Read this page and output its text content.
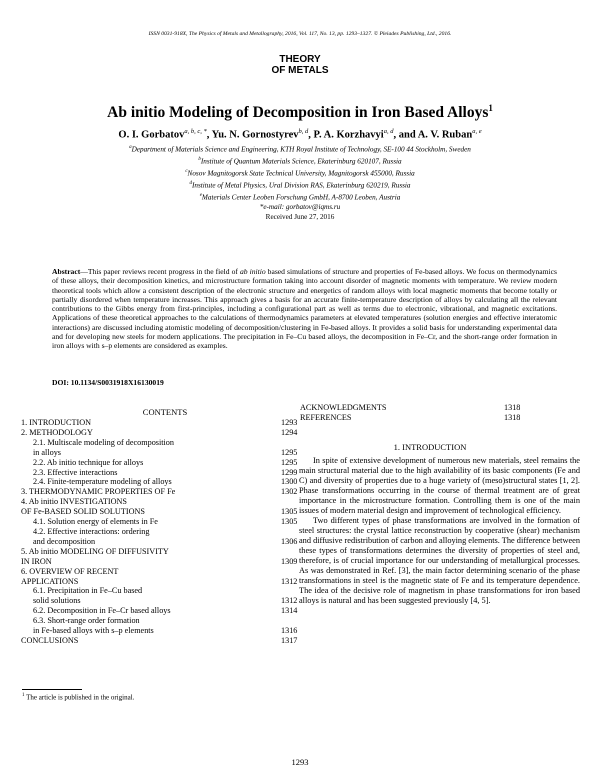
ISSN 0031-918X, The Physics of Metals and Metallography, 2016, Vol. 117, No. 13, pp. 1293–1327. © Pleiades Publishing, Ltd., 2016.
THEORY
OF METALS
Ab initio Modeling of Decomposition in Iron Based Alloys$^1$
O. I. Gorbatov$^{a, b, c, *}$, Yu. N. Gornostyrev$^{b, d}$, P. A. Korzhavyi$^{a, d}$, and A. V. Ruban$^{a, e}$
$^a$Department of Materials Science and Engineering, KTH Royal Institute of Technology, SE-100 44 Stockholm, Sweden
$^b$Institute of Quantum Materials Science, Ekaterinburg 620107, Russia
$^c$Nosov Magnitogorsk State Technical University, Magnitogorsk 455000, Russia
$^d$Institute of Metal Physics, Ural Division RAS, Ekaterinburg 620219, Russia
$^e$Materials Center Leoben Forschung GmbH, A-8700 Leoben, Austria
*e-mail: gorbatov@iqms.ru
Received June 27, 2016
Abstract—This paper reviews recent progress in the field of ab initio based simulations of structure and properties of Fe-based alloys. We focus on thermodynamics of these alloys, their decomposition kinetics, and microstructure formation taking into account disorder of magnetic moments with temperature. We review modern theoretical tools which allow a consistent description of the electronic structure and energetics of random alloys with local magnetic moments that become totally or partially disordered when temperature increases. This approach gives a basis for an accurate finite-temperature description of alloys by calculating all the relevant contributions to the Gibbs energy from first-principles, including a configurational part as well as terms due to electronic, vibrational, and magnetic excitations. Applications of these theoretical approaches to the calculations of thermodynamics parameters at elevated temperatures (solution energies and effective interatomic interactions) are discussed including atomistic modeling of decomposition/clustering in Fe-based alloys. It provides a solid basis for understanding experimental data and for developing new steels for modern applications. The precipitation in Fe–Cu based alloys, the decomposition in Fe–Cr, and the short-range order formation in iron alloys with s–p elements are considered as examples.
DOI: 10.1134/S0031918X16130019
CONTENTS
1. INTRODUCTION	1293
2. METHODOLOGY	1294
2.1. Multiscale modeling of decomposition
in alloys	1295
2.2. Ab initio technique for alloys	1295
2.3. Effective interactions	1299
2.4. Finite-temperature modeling of alloys	1300
3. THERMODYNAMIC PROPERTIES OF Fe	1302
4. Ab initio INVESTIGATIONS
OF Fe-BASED SOLID SOLUTIONS	1305
4.1. Solution energy of elements in Fe	1305
4.2. Effective interactions: ordering
and decomposition	1306
5. Ab initio MODELING OF DIFFUSIVITY
IN IRON	1309
6. OVERVIEW OF RECENT
APPLICATIONS	1312
6.1. Precipitation in Fe–Cu based
solid solutions	1312
6.2. Decomposition in Fe–Cr based alloys	1314
6.3. Short-range order formation
in Fe-based alloys with s–p elements	1316
CONCLUSIONS	1317
ACKNOWLEDGMENTS	1318
REFERENCES	1318
1. INTRODUCTION

In spite of extensive development of numerous new materials, steel remains the main structural material due to the high availability of its basic components (Fe and C) and diversity of properties due to a huge variety of (meso)structural states [1, 2]. Phase transformations occurring in the course of thermal treatment are of great importance in the microstructure formation. Controlling them is one of the main issues of modern material design and improvement of technological efficiency.

Two different types of phase transformations are involved in the formation of steel structures: the crystal lattice reconstruction by cooperative (shear) mechanism and diffusive redistribution of carbon and alloying elements. The difference between these types of transformations determines the diversity of properties of steel and, therefore, is of crucial importance for our understanding of metallurgical processes. As was demonstrated in Ref. [3], the main factor determining scenario of the phase transformations in steel is the magnetic state of Fe and its temperature dependence. The idea of the decisive role of magnetism in phase transformations for iron based alloys is natural and has been suggested previously [4, 5].

$^1$ The article is published in the original.
1293
